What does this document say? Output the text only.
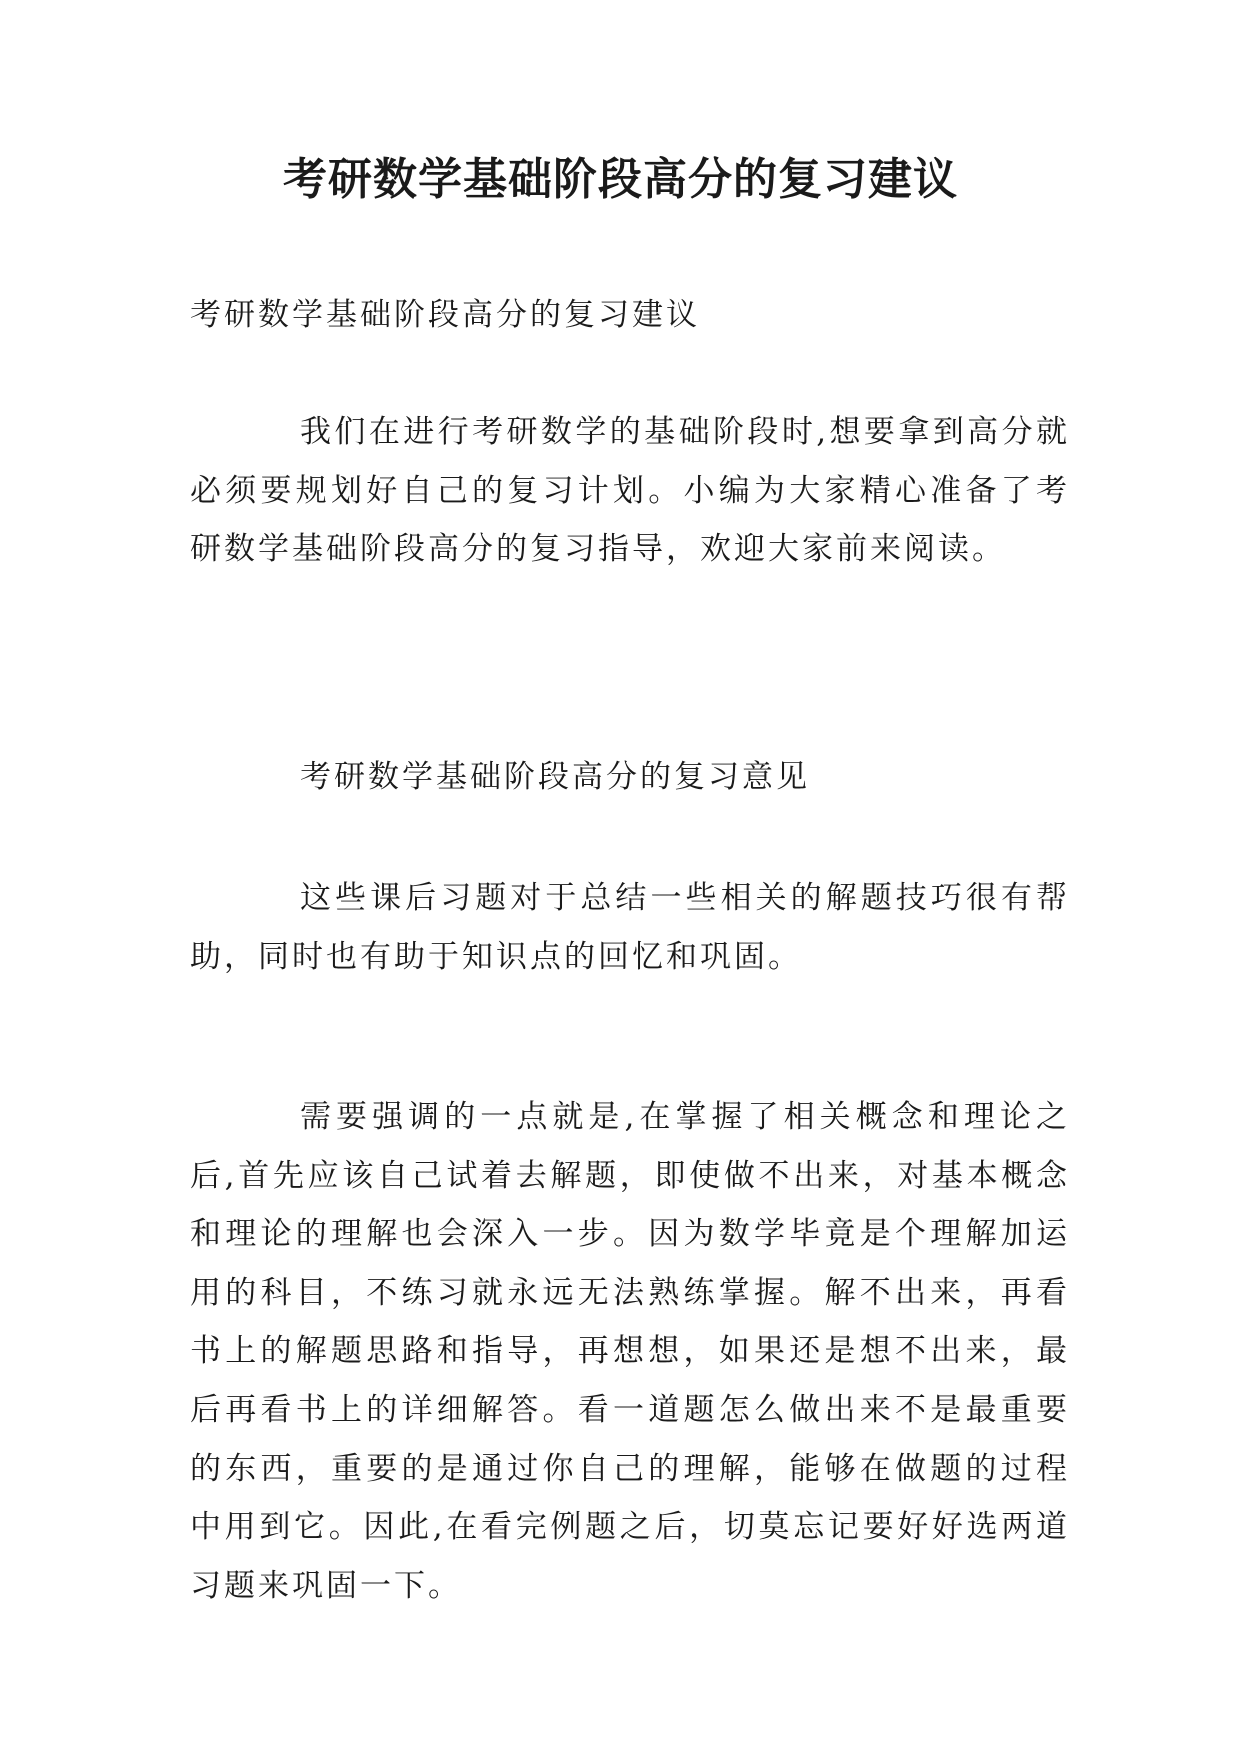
考研数学基础阶段高分的复习建议

考研数学基础阶段高分的复习建议

我们在进行考研数学的基础阶段时,想要拿到高分就必须要规划好自己的复习计划。小编为大家精心准备了考研数学基础阶段高分的复习指导，欢迎大家前来阅读。

考研数学基础阶段高分的复习意见

这些课后习题对于总结一些相关的解题技巧很有帮助，同时也有助于知识点的回忆和巩固。

需要强调的一点就是,在掌握了相关概念和理论之后,首先应该自己试着去解题，即使做不出来，对基本概念和理论的理解也会深入一步。因为数学毕竟是个理解加运用的科目，不练习就永远无法熟练掌握。解不出来，再看书上的解题思路和指导，再想想，如果还是想不出来，最后再看书上的详细解答。看一道题怎么做出来不是最重要的东西，重要的是通过你自己的理解，能够在做题的过程中用到它。因此,在看完例题之后，切莫忘记要好好选两道习题来巩固一下。
